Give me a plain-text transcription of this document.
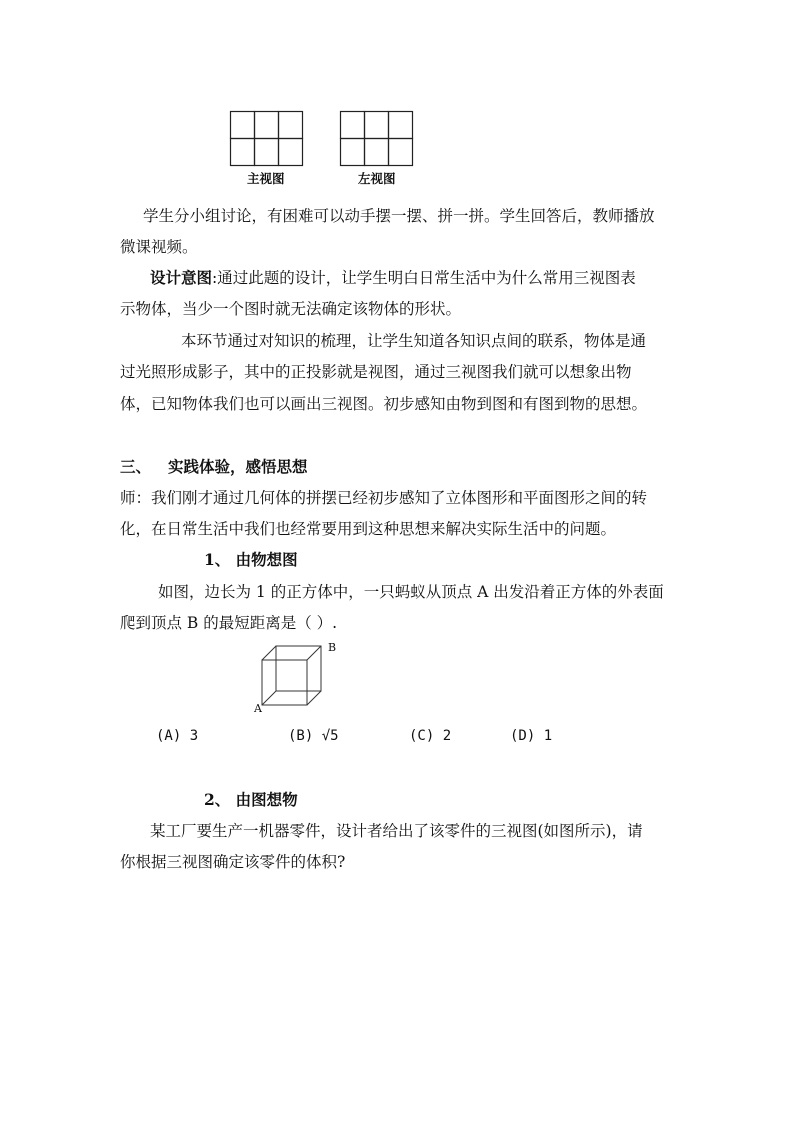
主视图	左视图
学生分小组讨论，有困难可以动手摆一摆、拼一拼。学生回答后，教师播放
微课视频。
设计意图:通过此题的设计，让学生明白日常生活中为什么常用三视图表
示物体，当少一个图时就无法确定该物体的形状。
本环节通过对知识的梳理，让学生知道各知识点间的联系，物体是通
过光照形成影子，其中的正投影就是视图，通过三视图我们就可以想象出物
体，已知物体我们也可以画出三视图。初步感知由物到图和有图到物的思想。
三、 实践体验，感悟思想
师：我们刚才通过几何体的拼摆已经初步感知了立体图形和平面图形之间的转
化，在日常生活中我们也经常要用到这种思想来解决实际生活中的问题。
1、 由物想图
如图，边长为 1 的正方体中，一只蚂蚁从顶点 A 出发沿着正方体的外表面
爬到顶点 B 的最短距离是（ ）.
B
A
(A) 3	(B) √5	(C) 2	(D) 1
2、 由图想物
某工厂要生产一机器零件，设计者给出了该零件的三视图(如图所示)，请
你根据三视图确定该零件的体积?
